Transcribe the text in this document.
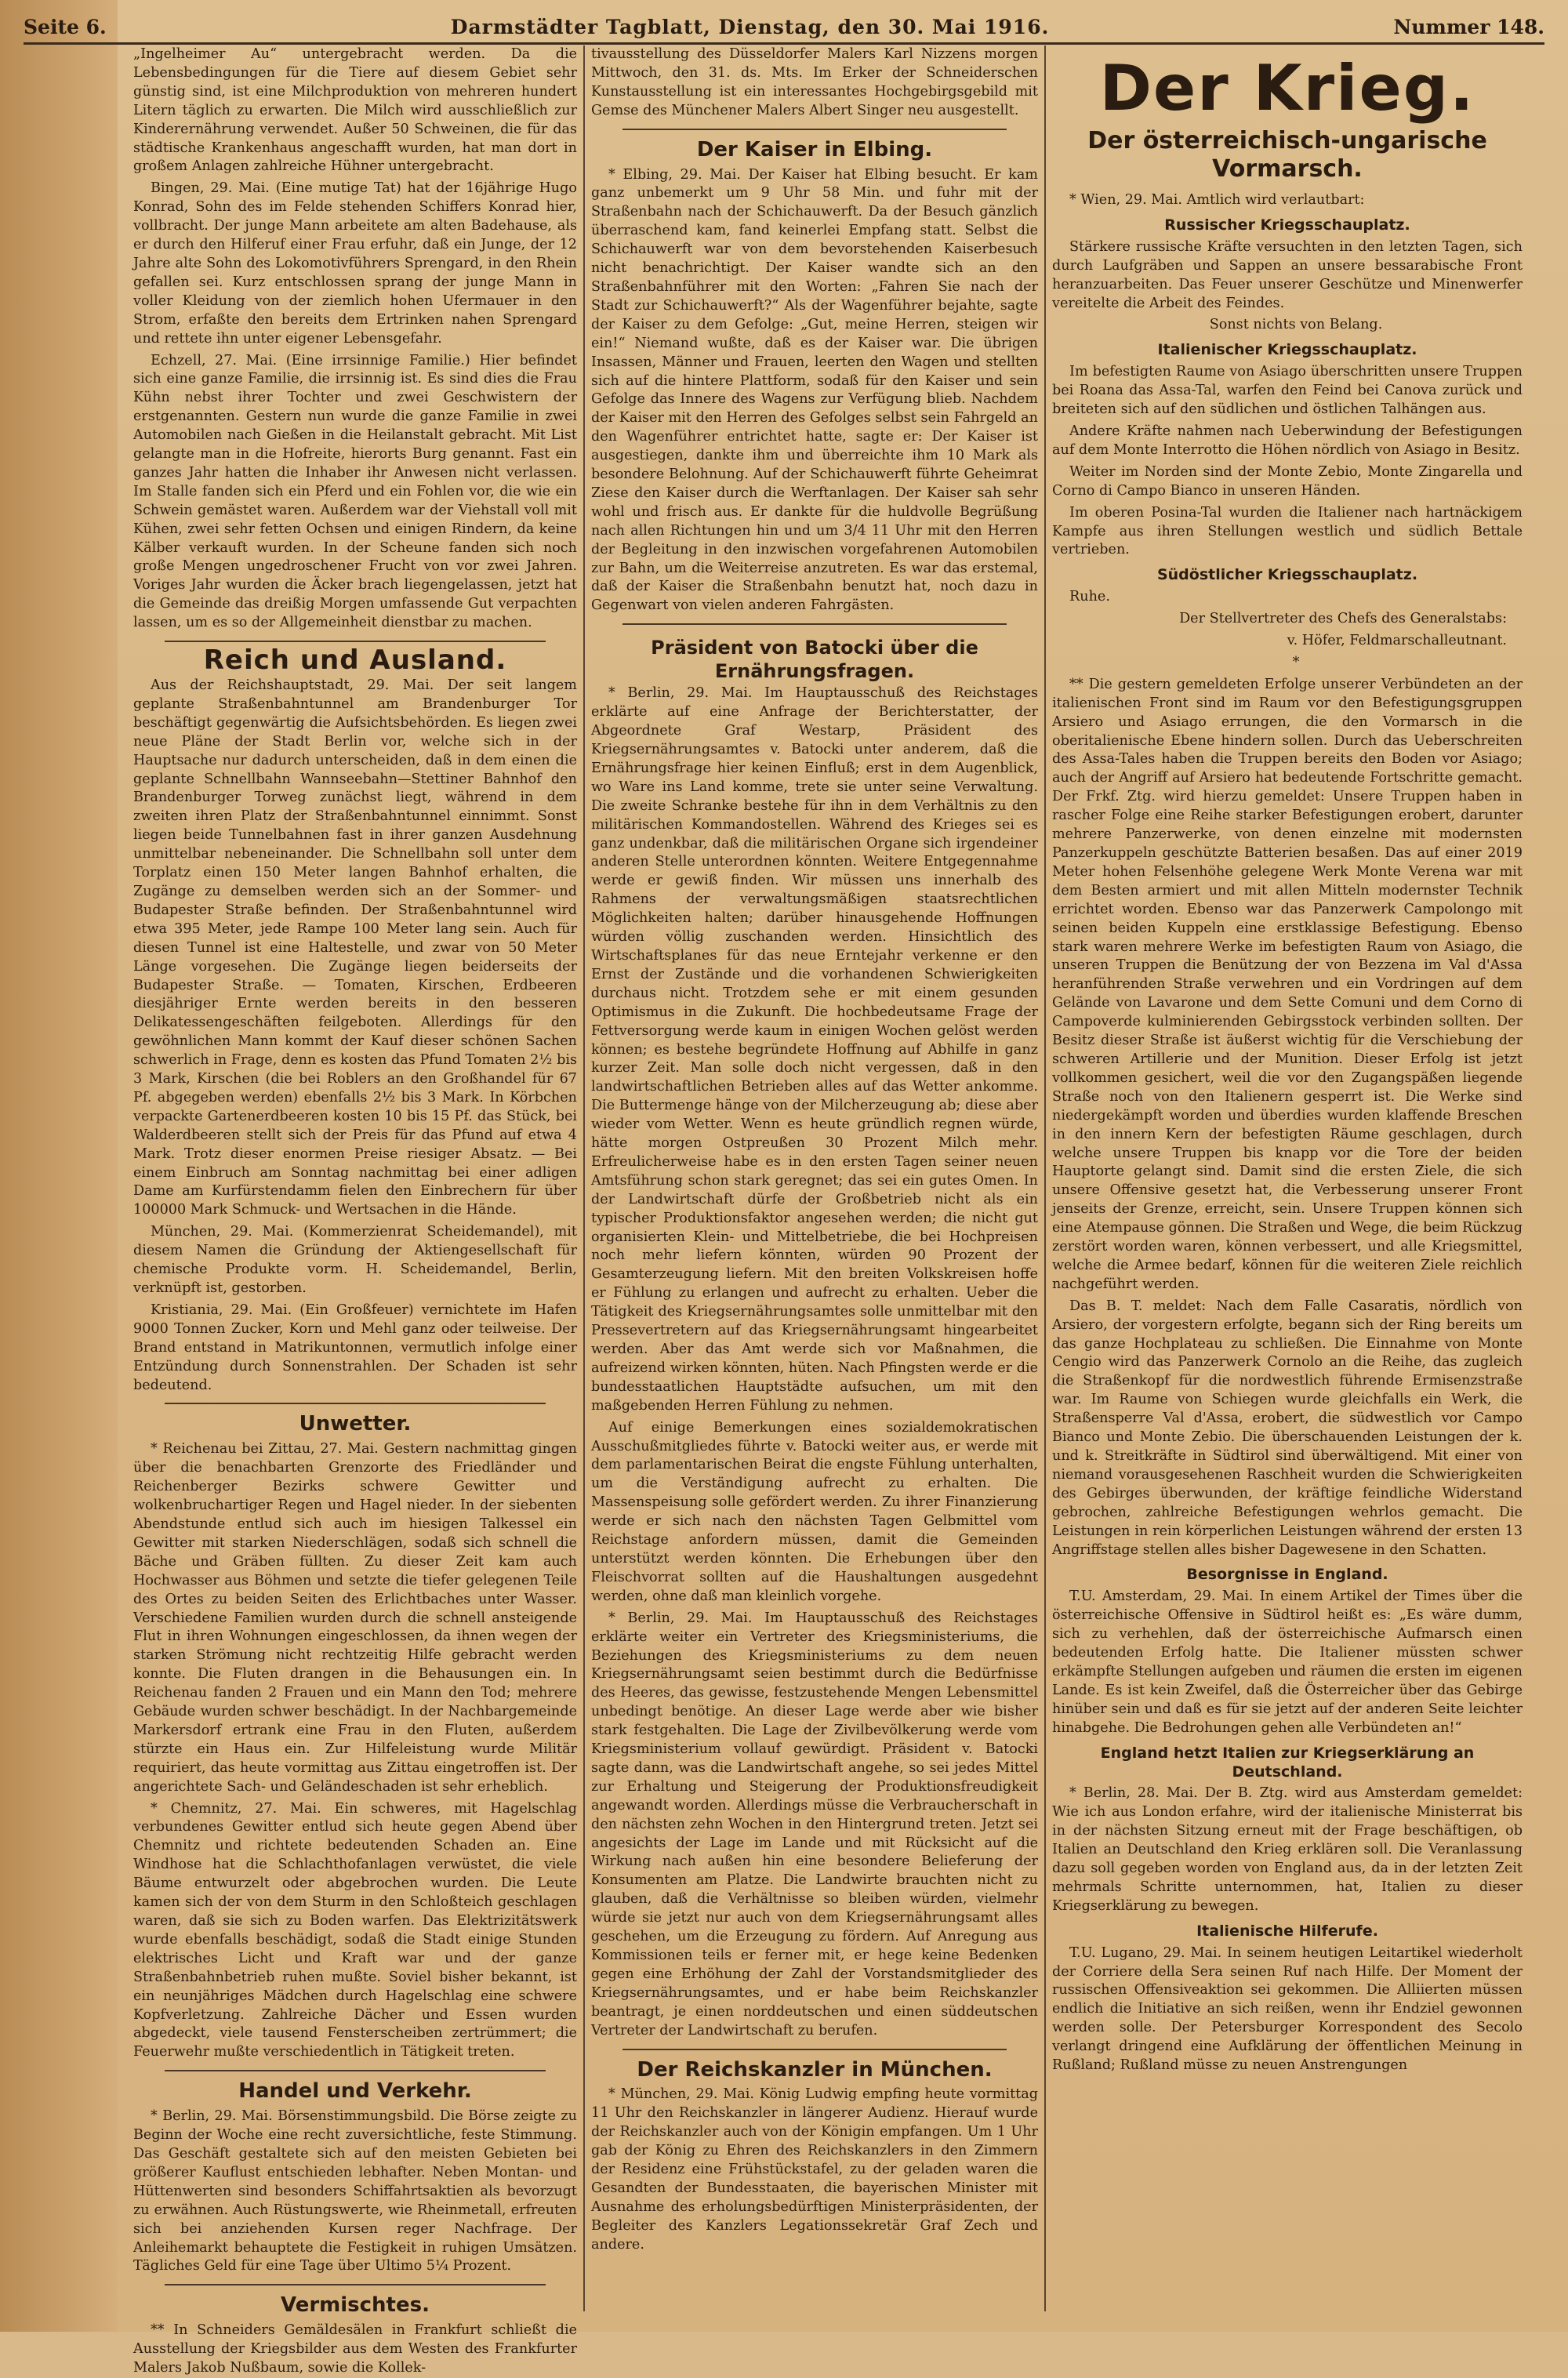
Seite 6.	Darmstädter Tagblatt, Dienstag, den 30. Mai 1916.	Nummer 148.

„Ingelheimer Au“ untergebracht werden. Da die Lebensbedingungen für die Tiere auf diesem Gebiet sehr günstig sind, ist eine Milchproduktion von mehreren hundert Litern täglich zu erwarten. Die Milch wird ausschließlich zur Kinderernährung verwendet. Außer 50 Schweinen, die für das städtische Krankenhaus angeschafft wurden, hat man dort in großem Anlagen zahlreiche Hühner untergebracht.

Bingen, 29. Mai. (Eine mutige Tat) hat der 16jährige Hugo Konrad, Sohn des im Felde stehenden Schiffers Konrad hier, vollbracht. Der junge Mann arbeitete am alten Badehause, als er durch den Hilferuf einer Frau erfuhr, daß ein Junge, der 12 Jahre alte Sohn des Lokomotivführers Sprengard, in den Rhein gefallen sei. Kurz entschlossen sprang der junge Mann in voller Kleidung von der ziemlich hohen Ufermauer in den Strom, erfaßte den bereits dem Ertrinken nahen Sprengard und rettete ihn unter eigener Lebensgefahr.

Echzell, 27. Mai. (Eine irrsinnige Familie.) Hier befindet sich eine ganze Familie, die irrsinnig ist. Es sind dies die Frau Kühn nebst ihrer Tochter und zwei Geschwistern der erstgenannten. Gestern nun wurde die ganze Familie in zwei Automobilen nach Gießen in die Heilanstalt gebracht. Mit List gelangte man in die Hofreite, hierorts Burg genannt. Fast ein ganzes Jahr hatten die Inhaber ihr Anwesen nicht verlassen. Im Stalle fanden sich ein Pferd und ein Fohlen vor, die wie ein Schwein gemästet waren. Außerdem war der Viehstall voll mit Kühen, zwei sehr fetten Ochsen und einigen Rindern, da keine Kälber verkauft wurden. In der Scheune fanden sich noch große Mengen ungedroschener Frucht von vor zwei Jahren. Voriges Jahr wurden die Äcker brach liegengelassen, jetzt hat die Gemeinde das dreißig Morgen umfassende Gut verpachten lassen, um es so der Allgemeinheit dienstbar zu machen.

Reich und Ausland.

Aus der Reichshauptstadt, 29. Mai. Der seit langem geplante Straßenbahntunnel am Brandenburger Tor beschäftigt gegenwärtig die Aufsichtsbehörden. Es liegen zwei neue Pläne der Stadt Berlin vor, welche sich in der Hauptsache nur dadurch unterscheiden, daß in dem einen die geplante Schnellbahn Wannseebahn—Stettiner Bahnhof den Brandenburger Torweg zunächst liegt, während in dem zweiten ihren Platz der Straßenbahntunnel einnimmt. Sonst liegen beide Tunnelbahnen fast in ihrer ganzen Ausdehnung unmittelbar nebeneinander. Die Schnellbahn soll unter dem Torplatz einen 150 Meter langen Bahnhof erhalten, die Zugänge zu demselben werden sich an der Sommer- und Budapester Straße befinden. Der Straßenbahntunnel wird etwa 395 Meter, jede Rampe 100 Meter lang sein. Auch für diesen Tunnel ist eine Haltestelle, und zwar von 50 Meter Länge vorgesehen. Die Zugänge liegen beiderseits der Budapester Straße. — Tomaten, Kirschen, Erdbeeren diesjähriger Ernte werden bereits in den besseren Delikatessengeschäften feilgeboten. Allerdings für den gewöhnlichen Mann kommt der Kauf dieser schönen Sachen schwerlich in Frage, denn es kosten das Pfund Tomaten 2½ bis 3 Mark, Kirschen (die bei Roblers an den Großhandel für 67 Pf. abgegeben werden) ebenfalls 2½ bis 3 Mark. In Körbchen verpackte Gartenerdbeeren kosten 10 bis 15 Pf. das Stück, bei Walderdbeeren stellt sich der Preis für das Pfund auf etwa 4 Mark. Trotz dieser enormen Preise riesiger Absatz. — Bei einem Einbruch am Sonntag nachmittag bei einer adligen Dame am Kurfürstendamm fielen den Einbrechern für über 100000 Mark Schmuck- und Wertsachen in die Hände.

München, 29. Mai. (Kommerzienrat Scheidemandel), mit diesem Namen die Gründung der Aktiengesellschaft für chemische Produkte vorm. H. Scheidemandel, Berlin, verknüpft ist, gestorben.

Kristiania, 29. Mai. (Ein Großfeuer) vernichtete im Hafen 9000 Tonnen Zucker, Korn und Mehl ganz oder teilweise. Der Brand entstand in Matrikuntonnen, vermutlich infolge einer Entzündung durch Sonnenstrahlen. Der Schaden ist sehr bedeutend.

Unwetter.

* Reichenau bei Zittau, 27. Mai. Gestern nachmittag gingen über die benachbarten Grenzorte des Friedländer und Reichenberger Bezirks schwere Gewitter und wolkenbruchartiger Regen und Hagel nieder. In der siebenten Abendstunde entlud sich auch im hiesigen Talkessel ein Gewitter mit starken Niederschlägen, sodaß sich schnell die Bäche und Gräben füllten. Zu dieser Zeit kam auch Hochwasser aus Böhmen und setzte die tiefer gelegenen Teile des Ortes zu beiden Seiten des Erlichtbaches unter Wasser. Verschiedene Familien wurden durch die schnell ansteigende Flut in ihren Wohnungen eingeschlossen, da ihnen wegen der starken Strömung nicht rechtzeitig Hilfe gebracht werden konnte. Die Fluten drangen in die Behausungen ein. In Reichenau fanden 2 Frauen und ein Mann den Tod; mehrere Gebäude wurden schwer beschädigt. In der Nachbargemeinde Markersdorf ertrank eine Frau in den Fluten, außerdem stürzte ein Haus ein. Zur Hilfeleistung wurde Militär requiriert, das heute vormittag aus Zittau eingetroffen ist. Der angerichtete Sach- und Geländeschaden ist sehr erheblich.

* Chemnitz, 27. Mai. Ein schweres, mit Hagelschlag verbundenes Gewitter entlud sich heute gegen Abend über Chemnitz und richtete bedeutenden Schaden an. Eine Windhose hat die Schlachthofanlagen verwüstet, die viele Bäume entwurzelt oder abgebrochen wurden. Die Leute kamen sich der von dem Sturm in den Schloßteich geschlagen waren, daß sie sich zu Boden warfen. Das Elektrizitätswerk wurde ebenfalls beschädigt, sodaß die Stadt einige Stunden elektrisches Licht und Kraft war und der ganze Straßenbahnbetrieb ruhen mußte. Soviel bisher bekannt, ist ein neunjähriges Mädchen durch Hagelschlag eine schwere Kopfverletzung. Zahlreiche Dächer und Essen wurden abgedeckt, viele tausend Fensterscheiben zertrümmert; die Feuerwehr mußte verschiedentlich in Tätigkeit treten.

Handel und Verkehr.

* Berlin, 29. Mai. Börsenstimmungsbild. Die Börse zeigte zu Beginn der Woche eine recht zuversichtliche, feste Stimmung. Das Geschäft gestaltete sich auf den meisten Gebieten bei größerer Kauflust entschieden lebhafter. Neben Montan- und Hüttenwerten sind besonders Schiffahrtsaktien als bevorzugt zu erwähnen. Auch Rüstungswerte, wie Rheinmetall, erfreuten sich bei anziehenden Kursen reger Nachfrage. Der Anleihemarkt behauptete die Festigkeit in ruhigen Umsätzen. Tägliches Geld für eine Tage über Ultimo 5¼ Prozent.

Vermischtes.

** In Schneiders Gemäldesälen in Frankfurt schließt die Ausstellung der Kriegsbilder aus dem Westen des Frankfurter Malers Jakob Nußbaum, sowie die Kollek-

tivausstellung des Düsseldorfer Malers Karl Nizzens morgen Mittwoch, den 31. ds. Mts. Im Erker der Schneiderschen Kunstausstellung ist ein interessantes Hochgebirgsgebild mit Gemse des Münchener Malers Albert Singer neu ausgestellt.

Der Kaiser in Elbing.

* Elbing, 29. Mai. Der Kaiser hat Elbing besucht. Er kam ganz unbemerkt um 9 Uhr 58 Min. und fuhr mit der Straßenbahn nach der Schichauwerft. Da der Besuch gänzlich überraschend kam, fand keinerlei Empfang statt. Selbst die Schichauwerft war von dem bevorstehenden Kaiserbesuch nicht benachrichtigt. Der Kaiser wandte sich an den Straßenbahnführer mit den Worten: „Fahren Sie nach der Stadt zur Schichauwerft?“ Als der Wagenführer bejahte, sagte der Kaiser zu dem Gefolge: „Gut, meine Herren, steigen wir ein!“ Niemand wußte, daß es der Kaiser war. Die übrigen Insassen, Männer und Frauen, leerten den Wagen und stellten sich auf die hintere Plattform, sodaß für den Kaiser und sein Gefolge das Innere des Wagens zur Verfügung blieb. Nachdem der Kaiser mit den Herren des Gefolges selbst sein Fahrgeld an den Wagenführer entrichtet hatte, sagte er: Der Kaiser ist ausgestiegen, dankte ihm und überreichte ihm 10 Mark als besondere Belohnung. Auf der Schichauwerft führte Geheimrat Ziese den Kaiser durch die Werftanlagen. Der Kaiser sah sehr wohl und frisch aus. Er dankte für die huldvolle Begrüßung nach allen Richtungen hin und um 3/4 11 Uhr mit den Herren der Begleitung in den inzwischen vorgefahrenen Automobilen zur Bahn, um die Weiterreise anzutreten. Es war das erstemal, daß der Kaiser die Straßenbahn benutzt hat, noch dazu in Gegenwart von vielen anderen Fahrgästen.

Präsident von Batocki über die Ernährungsfragen.

* Berlin, 29. Mai. Im Hauptausschuß des Reichstages erklärte auf eine Anfrage der Berichterstatter, der Abgeordnete Graf Westarp, Präsident des Kriegsernährungsamtes v. Batocki unter anderem, daß die Ernährungsfrage hier keinen Einfluß; erst in dem Augenblick, wo Ware ins Land komme, trete sie unter seine Verwaltung. Die zweite Schranke bestehe für ihn in dem Verhältnis zu den militärischen Kommandostellen. Während des Krieges sei es ganz undenkbar, daß die militärischen Organe sich irgendeiner anderen Stelle unterordnen könnten. Weitere Entgegennahme werde er gewiß finden. Wir müssen uns innerhalb des Rahmens der verwaltungsmäßigen staatsrechtlichen Möglichkeiten halten; darüber hinausgehende Hoffnungen würden völlig zuschanden werden. Hinsichtlich des Wirtschaftsplanes für das neue Erntejahr verkenne er den Ernst der Zustände und die vorhandenen Schwierigkeiten durchaus nicht. Trotzdem sehe er mit einem gesunden Optimismus in die Zukunft. Die hochbedeutsame Frage der Fettversorgung werde kaum in einigen Wochen gelöst werden können; es bestehe begründete Hoffnung auf Abhilfe in ganz kurzer Zeit. Man solle doch nicht vergessen, daß in den landwirtschaftlichen Betrieben alles auf das Wetter ankomme. Die Buttermenge hänge von der Milcherzeugung ab; diese aber wieder vom Wetter. Wenn es heute gründlich regnen würde, hätte morgen Ostpreußen 30 Prozent Milch mehr. Erfreulicherweise habe es in den ersten Tagen seiner neuen Amtsführung schon stark geregnet; das sei ein gutes Omen. In der Landwirtschaft dürfe der Großbetrieb nicht als ein typischer Produktionsfaktor angesehen werden; die nicht gut organisierten Klein- und Mittelbetriebe, die bei Hochpreisen noch mehr liefern könnten, würden 90 Prozent der Gesamterzeugung liefern. Mit den breiten Volkskreisen hoffe er Fühlung zu erlangen und aufrecht zu erhalten. Ueber die Tätigkeit des Kriegsernährungsamtes solle unmittelbar mit den Pressevertretern auf das Kriegsernährungsamt hingearbeitet werden. Aber das Amt werde sich vor Maßnahmen, die aufreizend wirken könnten, hüten. Nach Pfingsten werde er die bundesstaatlichen Hauptstädte aufsuchen, um mit den maßgebenden Herren Fühlung zu nehmen.

Auf einige Bemerkungen eines sozialdemokratischen Ausschußmitgliedes führte v. Batocki weiter aus, er werde mit dem parlamentarischen Beirat die engste Fühlung unterhalten, um die Verständigung aufrecht zu erhalten. Die Massenspeisung solle gefördert werden. Zu ihrer Finanzierung werde er sich nach den nächsten Tagen Gelbmittel vom Reichstage anfordern müssen, damit die Gemeinden unterstützt werden könnten. Die Erhebungen über den Fleischvorrat sollten auf die Haushaltungen ausgedehnt werden, ohne daß man kleinlich vorgehe.

* Berlin, 29. Mai. Im Hauptausschuß des Reichstages erklärte weiter ein Vertreter des Kriegsministeriums, die Beziehungen des Kriegsministeriums zu dem neuen Kriegsernährungsamt seien bestimmt durch die Bedürfnisse des Heeres, das gewisse, festzustehende Mengen Lebensmittel unbedingt benötige. An dieser Lage werde aber wie bisher stark festgehalten. Die Lage der Zivilbevölkerung werde vom Kriegsministerium vollauf gewürdigt. Präsident v. Batocki sagte dann, was die Landwirtschaft angehe, so sei jedes Mittel zur Erhaltung und Steigerung der Produktionsfreudigkeit angewandt worden. Allerdings müsse die Verbraucherschaft in den nächsten zehn Wochen in den Hintergrund treten. Jetzt sei angesichts der Lage im Lande und mit Rücksicht auf die Wirkung nach außen hin eine besondere Belieferung der Konsumenten am Platze. Die Landwirte brauchten nicht zu glauben, daß die Verhältnisse so bleiben würden, vielmehr würde sie jetzt nur auch von dem Kriegsernährungsamt alles geschehen, um die Erzeugung zu fördern. Auf Anregung aus Kommissionen teils er ferner mit, er hege keine Bedenken gegen eine Erhöhung der Zahl der Vorstandsmitglieder des Kriegsernährungsamtes, und er habe beim Reichskanzler beantragt, je einen norddeutschen und einen süddeutschen Vertreter der Landwirtschaft zu berufen.

Der Reichskanzler in München.

* München, 29. Mai. König Ludwig empfing heute vormittag 11 Uhr den Reichskanzler in längerer Audienz. Hierauf wurde der Reichskanzler auch von der Königin empfangen. Um 1 Uhr gab der König zu Ehren des Reichskanzlers in den Zimmern der Residenz eine Frühstückstafel, zu der geladen waren die Gesandten der Bundesstaaten, die bayerischen Minister mit Ausnahme des erholungsbedürftigen Ministerpräsidenten, der Begleiter des Kanzlers Legationssekretär Graf Zech und andere.

Der Krieg.
Der österreichisch-ungarische Vormarsch.

* Wien, 29. Mai. Amtlich wird verlautbart:

Russischer Kriegsschauplatz.

Stärkere russische Kräfte versuchten in den letzten Tagen, sich durch Laufgräben und Sappen an unsere bessarabische Front heranzuarbeiten. Das Feuer unserer Geschütze und Minenwerfer vereitelte die Arbeit des Feindes.

Sonst nichts von Belang.

Italienischer Kriegsschauplatz.

Im befestigten Raume von Asiago überschritten unsere Truppen bei Roana das Assa-Tal, warfen den Feind bei Canova zurück und breiteten sich auf den südlichen und östlichen Talhängen aus.

Andere Kräfte nahmen nach Ueberwindung der Befestigungen auf dem Monte Interrotto die Höhen nördlich von Asiago in Besitz.

Weiter im Norden sind der Monte Zebio, Monte Zingarella und Corno di Campo Bianco in unseren Händen.

Im oberen Posina-Tal wurden die Italiener nach hartnäckigem Kampfe aus ihren Stellungen westlich und südlich Bettale vertrieben.

Südöstlicher Kriegsschauplatz.

Ruhe.

Der Stellvertreter des Chefs des Generalstabs:

v. Höfer, Feldmarschalleutnant.

*

** Die gestern gemeldeten Erfolge unserer Verbündeten an der italienischen Front sind im Raum vor den Befestigungsgruppen Arsiero und Asiago errungen, die den Vormarsch in die oberitalienische Ebene hindern sollen. Durch das Ueberschreiten des Assa-Tales haben die Truppen bereits den Boden vor Asiago; auch der Angriff auf Arsiero hat bedeutende Fortschritte gemacht. Der Frkf. Ztg. wird hierzu gemeldet: Unsere Truppen haben in rascher Folge eine Reihe starker Befestigungen erobert, darunter mehrere Panzerwerke, von denen einzelne mit modernsten Panzerkuppeln geschützte Batterien besaßen. Das auf einer 2019 Meter hohen Felsenhöhe gelegene Werk Monte Verena war mit dem Besten armiert und mit allen Mitteln modernster Technik errichtet worden. Ebenso war das Panzerwerk Campolongo mit seinen beiden Kuppeln eine erstklassige Befestigung. Ebenso stark waren mehrere Werke im befestigten Raum von Asiago, die unseren Truppen die Benützung der von Bezzena im Val d'Assa heranführenden Straße verwehren und ein Vordringen auf dem Gelände von Lavarone und dem Sette Comuni und dem Corno di Campoverde kulminierenden Gebirgsstock verbinden sollten. Der Besitz dieser Straße ist äußerst wichtig für die Verschiebung der schweren Artillerie und der Munition. Dieser Erfolg ist jetzt vollkommen gesichert, weil die vor den Zugangspäßen liegende Straße noch von den Italienern gesperrt ist. Die Werke sind niedergekämpft worden und überdies wurden klaffende Breschen in den innern Kern der befestigten Räume geschlagen, durch welche unsere Truppen bis knapp vor die Tore der beiden Hauptorte gelangt sind. Damit sind die ersten Ziele, die sich unsere Offensive gesetzt hat, die Verbesserung unserer Front jenseits der Grenze, erreicht, sein. Unsere Truppen können sich eine Atempause gönnen. Die Straßen und Wege, die beim Rückzug zerstört worden waren, können verbessert, und alle Kriegsmittel, welche die Armee bedarf, können für die weiteren Ziele reichlich nachgeführt werden.

Das B. T. meldet: Nach dem Falle Casaratis, nördlich von Arsiero, der vorgestern erfolgte, begann sich der Ring bereits um das ganze Hochplateau zu schließen. Die Einnahme von Monte Cengio wird das Panzerwerk Cornolo an die Reihe, das zugleich die Straßenkopf für die nordwestlich führende Ermisenzstraße war. Im Raume von Schiegen wurde gleichfalls ein Werk, die Straßensperre Val d'Assa, erobert, die südwestlich vor Campo Bianco und Monte Zebio. Die überschauenden Leistungen der k. und k. Streitkräfte in Südtirol sind überwältigend. Mit einer von niemand vorausgesehenen Raschheit wurden die Schwierigkeiten des Gebirges überwunden, der kräftige feindliche Widerstand gebrochen, zahlreiche Befestigungen wehrlos gemacht. Die Leistungen in rein körperlichen Leistungen während der ersten 13 Angriffstage stellen alles bisher Dagewesene in den Schatten.

Besorgnisse in England.

T.U. Amsterdam, 29. Mai. In einem Artikel der Times über die österreichische Offensive in Südtirol heißt es: „Es wäre dumm, sich zu verhehlen, daß der österreichische Aufmarsch einen bedeutenden Erfolg hatte. Die Italiener müssten schwer erkämpfte Stellungen aufgeben und räumen die ersten im eigenen Lande. Es ist kein Zweifel, daß die Österreicher über das Gebirge hinüber sein und daß es für sie jetzt auf der anderen Seite leichter hinabgehe. Die Bedrohungen gehen alle Verbündeten an!“

England hetzt Italien zur Kriegserklärung an Deutschland.

* Berlin, 28. Mai. Der B. Ztg. wird aus Amsterdam gemeldet: Wie ich aus London erfahre, wird der italienische Ministerrat bis in der nächsten Sitzung erneut mit der Frage beschäftigen, ob Italien an Deutschland den Krieg erklären soll. Die Veranlassung dazu soll gegeben worden von England aus, da in der letzten Zeit mehrmals Schritte unternommen, hat, Italien zu dieser Kriegserklärung zu bewegen.

Italienische Hilferufe.

T.U. Lugano, 29. Mai. In seinem heutigen Leitartikel wiederholt der Corriere della Sera seinen Ruf nach Hilfe. Der Moment der russischen Offensiveaktion sei gekommen. Die Alliierten müssen endlich die Initiative an sich reißen, wenn ihr Endziel gewonnen werden solle. Der Petersburger Korrespondent des Secolo verlangt dringend eine Aufklärung der öffentlichen Meinung in Rußland; Rußland müsse zu neuen Anstrengungen
